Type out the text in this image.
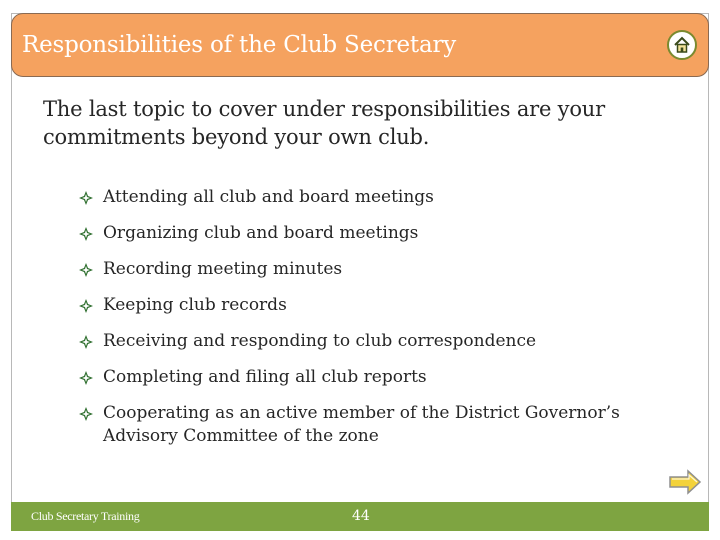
Responsibilities of the Club Secretary
The last topic to cover under responsibilities are your commitments beyond your own club.
Attending all club and board meetings
Organizing club and board meetings
Recording meeting minutes
Keeping club records
Receiving and responding to club correspondence
Completing and filing all club reports
Cooperating as an active member of the District Governor’s Advisory Committee of the zone
Club Secretary Training	44
